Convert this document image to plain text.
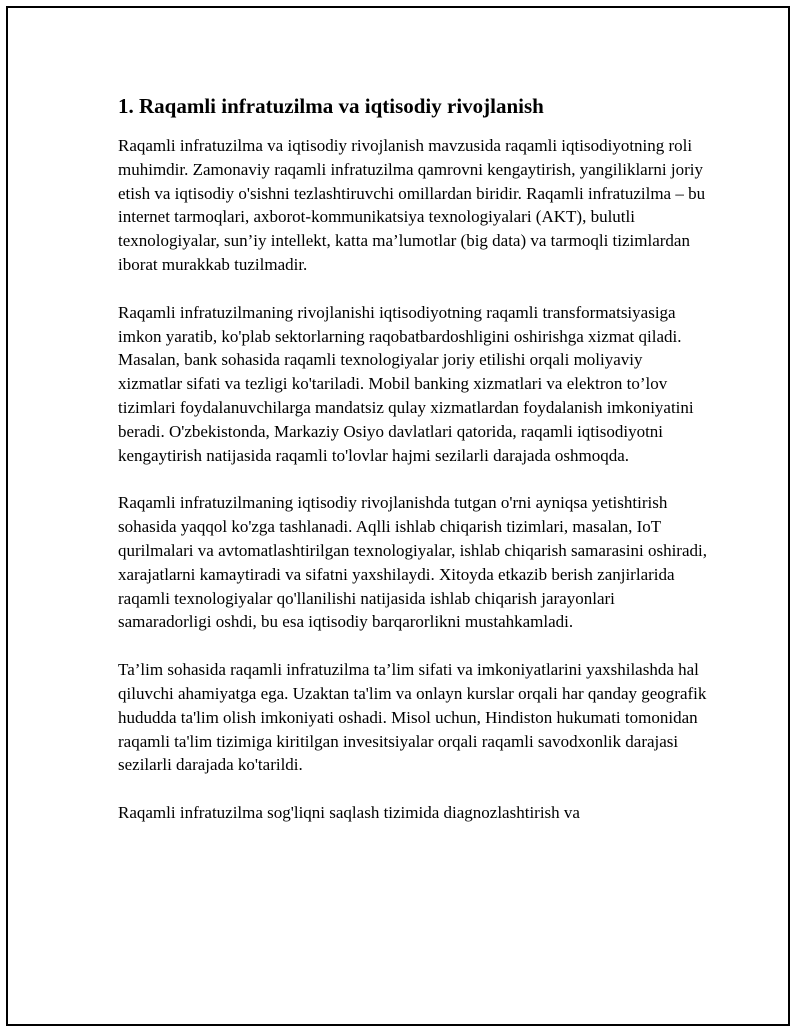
1. Raqamli infratuzilma va iqtisodiy rivojlanish

Raqamli infratuzilma va iqtisodiy rivojlanish mavzusida raqamli iqtisodiyotning roli muhimdir. Zamonaviy raqamli infratuzilma qamrovni kengaytirish, yangiliklarni joriy etish va iqtisodiy o'sishni tezlashtiruvchi omillardan biridir. Raqamli infratuzilma – bu internet tarmoqlari, axborot-kommunikatsiya texnologiyalari (AKT), bulutli texnologiyalar, sun’iy intellekt, katta ma’lumotlar (big data) va tarmoqli tizimlardan iborat murakkab tuzilmadir.

Raqamli infratuzilmaning rivojlanishi iqtisodiyotning raqamli transformatsiyasiga imkon yaratib, ko'plab sektorlarning raqobatbardoshligini oshirishga xizmat qiladi. Masalan, bank sohasida raqamli texnologiyalar joriy etilishi orqali moliyaviy xizmatlar sifati va tezligi ko'tariladi. Mobil banking xizmatlari va elektron to’lov tizimlari foydalanuvchilarga mandatsiz qulay xizmatlardan foydalanish imkoniyatini beradi. O'zbekistonda, Markaziy Osiyo davlatlari qatorida, raqamli iqtisodiyotni kengaytirish natijasida raqamli to'lovlar hajmi sezilarli darajada oshmoqda.

Raqamli infratuzilmaning iqtisodiy rivojlanishda tutgan o'rni ayniqsa yetishtirish sohasida yaqqol ko'zga tashlanadi. Aqlli ishlab chiqarish tizimlari, masalan, IoT qurilmalari va avtomatlashtirilgan texnologiyalar, ishlab chiqarish samarasini oshiradi, xarajatlarni kamaytiradi va sifatni yaxshilaydi. Xitoyda etkazib berish zanjirlarida raqamli texnologiyalar qo'llanilishi natijasida ishlab chiqarish jarayonlari samaradorligi oshdi, bu esa iqtisodiy barqarorlikni mustahkamladi.

Ta’lim sohasida raqamli infratuzilma ta’lim sifati va imkoniyatlarini yaxshilashda hal qiluvchi ahamiyatga ega. Uzaktan ta'lim va onlayn kurslar orqali har qanday geografik hududda ta'lim olish imkoniyati oshadi. Misol uchun, Hindiston hukumati tomonidan raqamli ta'lim tizimiga kiritilgan invesitsiyalar orqali raqamli savodxonlik darajasi sezilarli darajada ko'tarildi.

Raqamli infratuzilma sog'liqni saqlash tizimida diagnozlashtirish va
